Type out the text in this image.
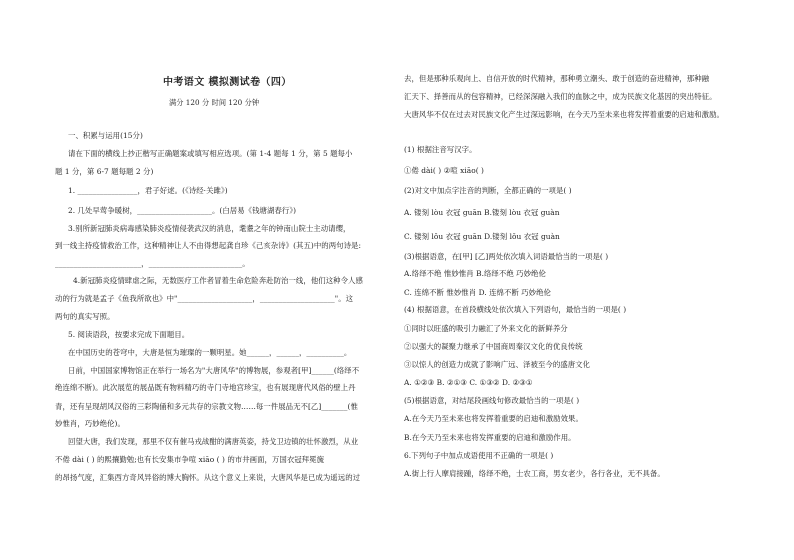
中考语文 模拟测试卷（四）
满分 120 分 时间 120 分钟
一、积累与运用(15分)
请在下面的横线上抄正楷写正确题案或填写相应选项。(第 1-4 题每 1 分，第 5 题每小
题 1 分，第 6-7 题每题 2 分)
1. ________________，君子好逑。(《诗经·关雎》)
2. 几处早莺争暖树，____________________。(白居易《钱塘湖春行》)
3.别所新冠肺炎病毒感染肺炎疫情侵袭武汉的消息，耄耋之年的钟南山院士主动请缨，
到一线主持疫情救治工作，这种精神让人不由得想起龚自珍《己亥杂诗》(其五)中的两句诗是:
_______________________，_________________________。
4.新冠肺炎疫情肆虐之际，无数医疗工作者冒着生命危险奔赴防治一线，他们这种令人感
动的行为就是孟子《鱼我所欲也》中"____________________，____________________"。这
两句的真实写照。
5. 阅读语段，按要求完成下面题目。
在中国历史的苍穹中，大唐是恒为璀璨的一颗明星。她______，______，__________。
日前，中国国家博物馆正在举行一场名为"大唐风华"的博物展，参观者[甲]______(络绎不
绝连绵不断)。此次展览的展品既有物料精巧的寺门寺地宫珍宝，也有展现唐代风俗的壁上丹
青，还有呈现胡风汉俗的三彩陶俑和多元共存的宗教文物……每一件展品无不[乙]_______(惟
妙惟肖，巧妙绝伦)。
回望大唐，我们发现，那里不仅有催马戎战酣的满唐英姿，持戈卫边镇的壮怀激烈，从业
不倦 dài ( ) 的熙攘勤勉;也有长安集市争喧 xiāo ( ) 的市井画面，万国衣冠拜冕旒
的昂扬气度，汇集西方奇风异俗的博大胸怀。从这个意义上来说，大唐风华是已成为遥远的过
去，但是那种乐观向上、自信开放的时代精神，那种勇立潮头、敢于创造的奋进精神，那种融
汇天下、择善而从的包容精神，已经深深融入我们的血脉之中，成为民族文化基因的突出特征。
大唐风华不仅在过去对民族文化产生过深远影响，在今天乃至未来也将发挥着重要的启迪和激励。
(1) 根据注音写汉字。
①倦 dài( ) ②喧 xiāo( )
(2)对文中加点字注音的判断，全都正确的一项是( )
A. 镂刻 lòu 衣冠 guān B.镂刻 lòu 衣冠 guàn
C. 镂刻 lǒu 衣冠 guān D.镂刻 lǒu 衣冠 guàn
(3)根据语意，在[甲] [乙]两处依次填入词语最恰当的一项是( )
A.络绎不绝 惟妙惟肖 B.络绎不绝 巧妙绝伦
C. 连绵不断 惟妙惟肖 D. 连绵不断 巧妙绝伦
(4) 根据语意，在首段横线处依次填入下列语句，最恰当的一项是( )
①同时以旺盛的吸引力融汇了外来文化的新鲜养分
②以强大的凝聚力继承了中国商周秦汉文化的优良传统
③以惊人的创造力成就了影响广远、泽被至今的盛唐文化
A. ①②③ B. ②①③ C. ①③② D. ②③①
(5)根据语意，对结尾段画线句修改最恰当的一项是( )
A.在今天乃至未来也将发挥着重要的启迪和激励效果。
B.在今天乃至未来也将发挥重要的启迪和激励作用。
6.下列句子中加点成语使用不正确的一项是( )
A.街上行人摩肩接踵，络绎不绝，士农工商，男女老少，各行各业，无不具备。
